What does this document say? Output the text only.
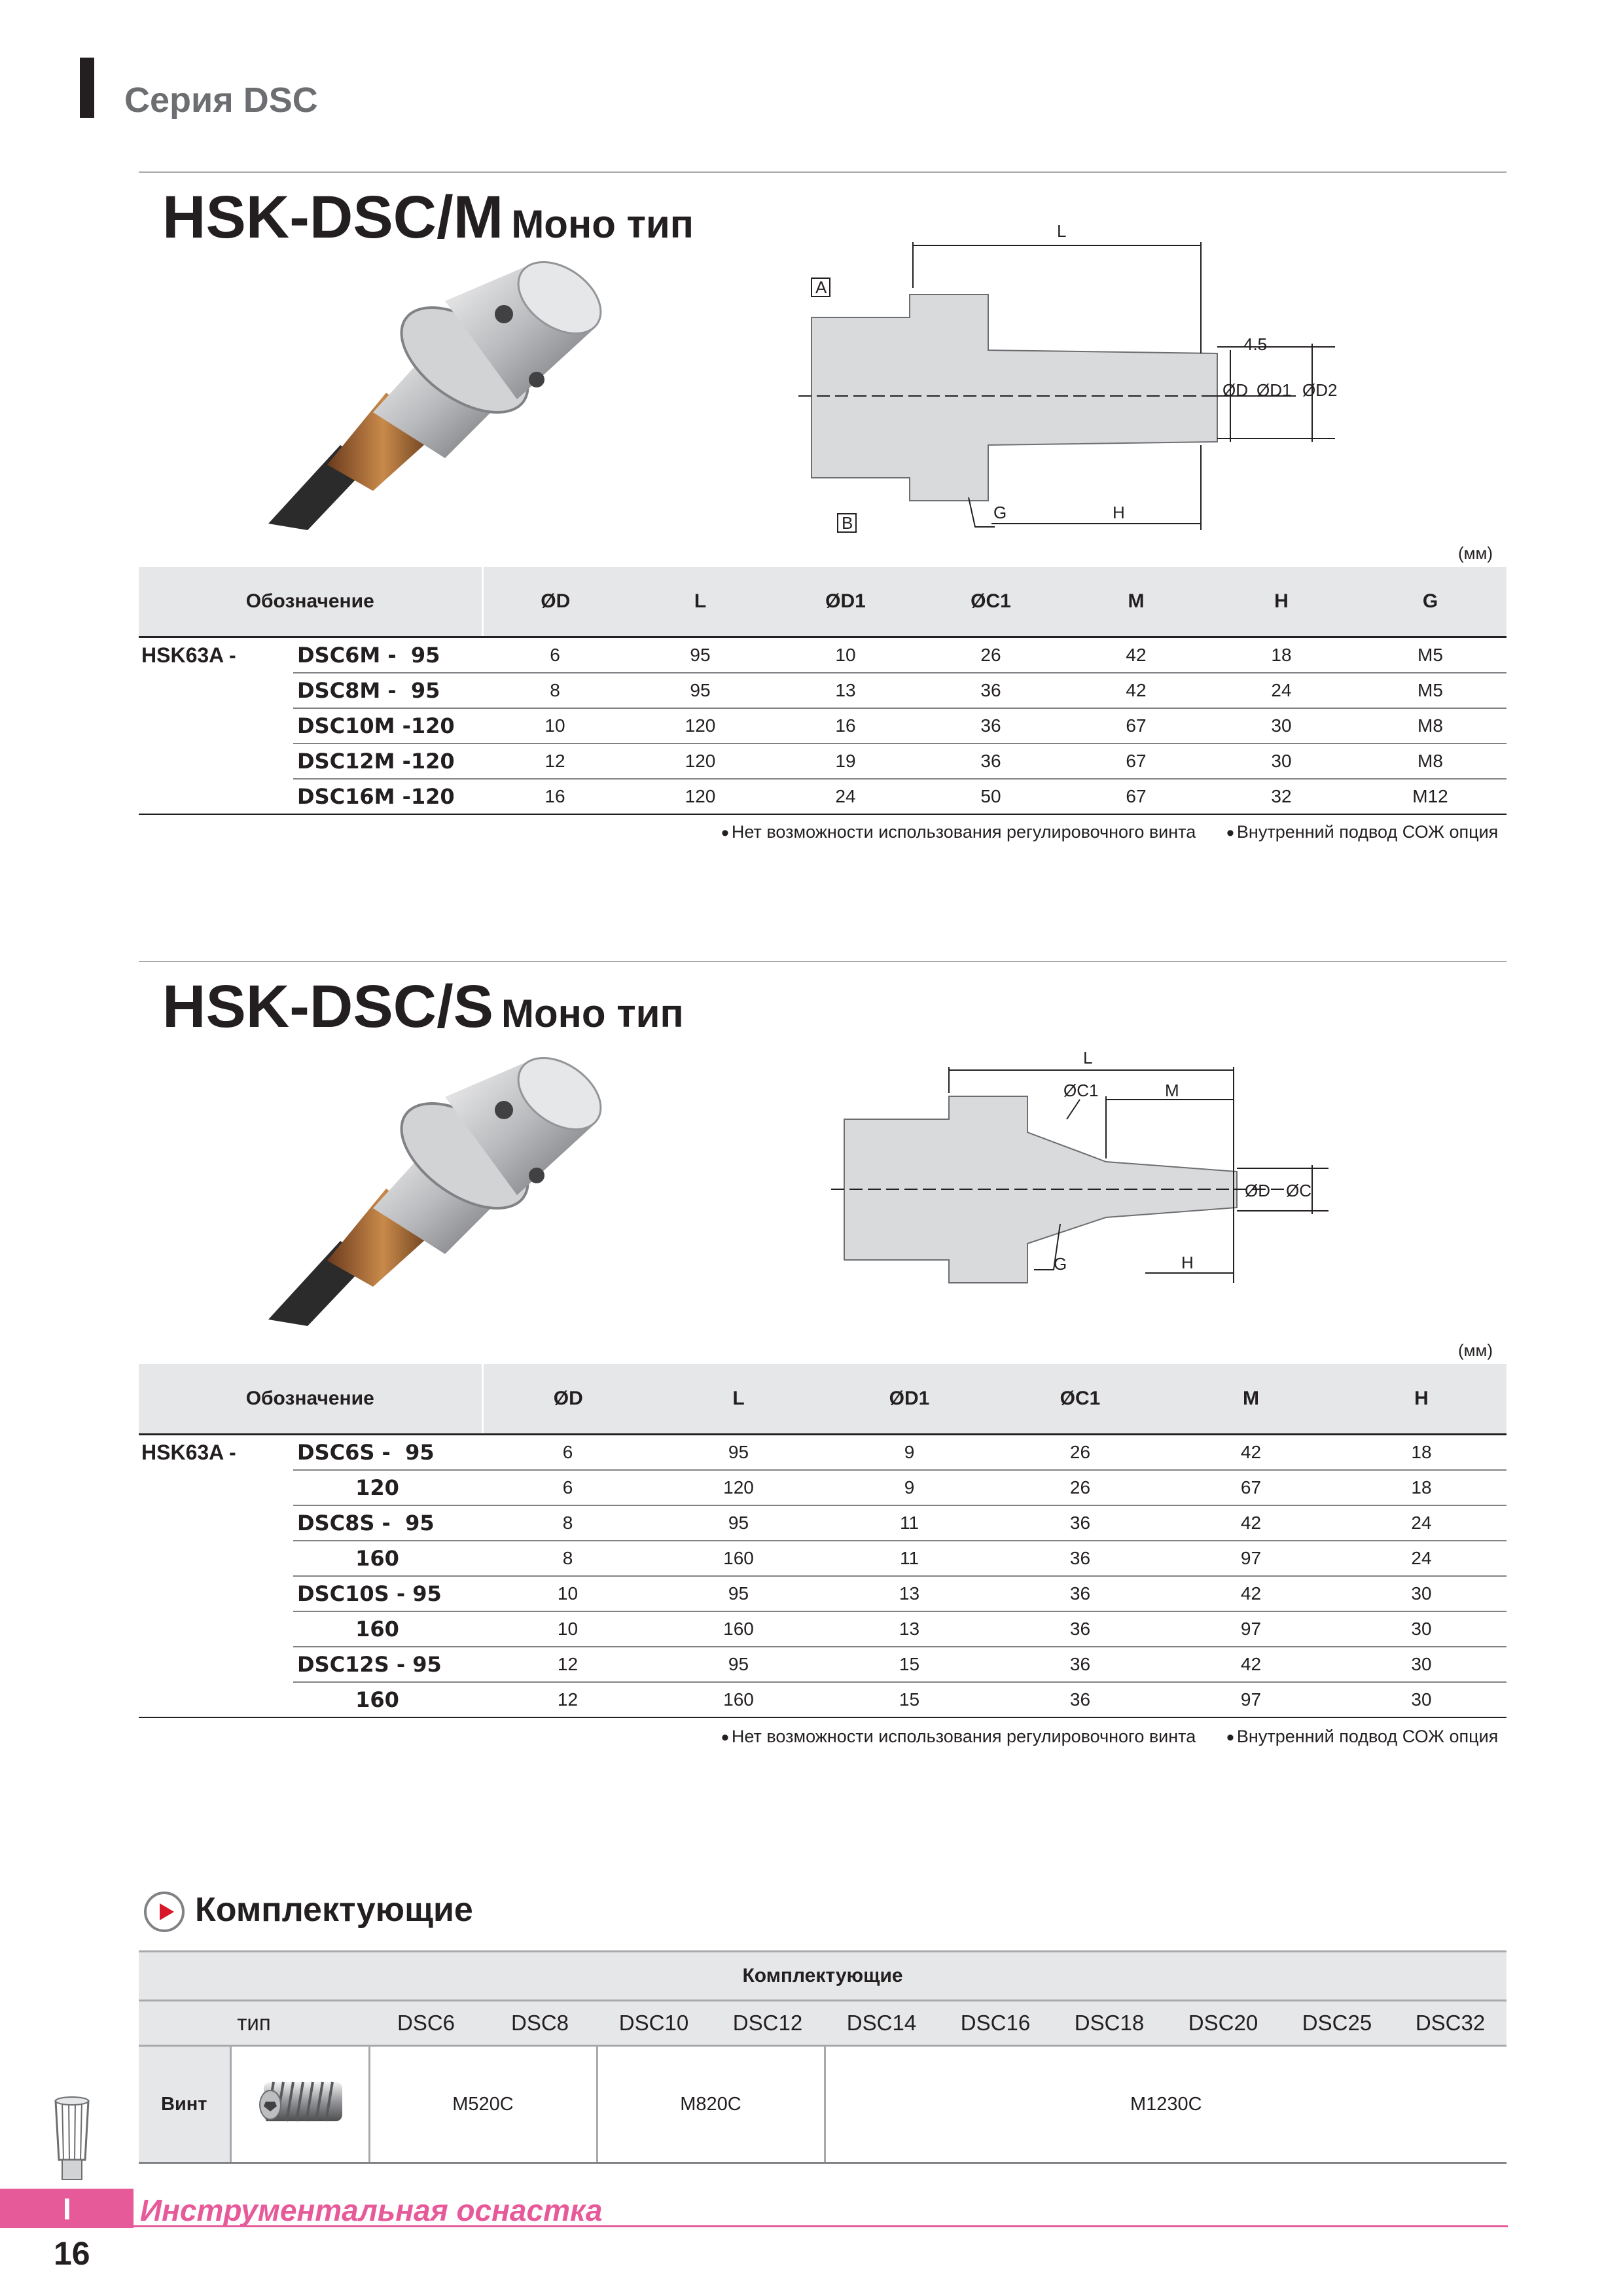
Серия DSC
HSK-DSC/M Моно тип	L
A
B
G	H
4.5
ØD ØD1 ØD2
(мм)
Обозначение		ØD	L	ØD1	ØC1	M	H	G
HSK63A -	DSC6M -  95	6	95	10	26	42	18	M5
	DSC8M -  95	8	95	13	36	42	24	M5
	DSC10M -120	10	120	16	36	67	30	M8
	DSC12M -120	12	120	19	36	67	30	M8
	DSC16M -120	16	120	24	50	67	32	M12
• Нет возможности использования регулировочного винта • Внутренний подвод СОЖ опция
HSK-DSC/S Моно тип
L
ØC1	M
ØD ØC
G	H
(мм)
Обозначение		ØD	L	ØD1	ØC1	M	H
HSK63A -	DSC6S -  95	6	95	9	26	42	18
	120	6	120	9	26	67	18
	DSC8S -  95	8	95	11	36	42	24
	160	8	160	11	36	97	24
	DSC10S - 95	10	95	13	36	42	30
	160	10	160	13	36	97	30
	DSC12S - 95	12	95	15	36	42	30
	160	12	160	15	36	97	30
• Нет возможности использования регулировочного винта • Внутренний подвод СОЖ опция
Комплектующие
Комплектующие											
тип		DSC6	DSC8	DSC10	DSC12	DSC14	DSC16	DSC18	DSC20	DSC25	DSC32
Винт		M520C		M820C		M1230C					
I Инструментальная оснастка
16
